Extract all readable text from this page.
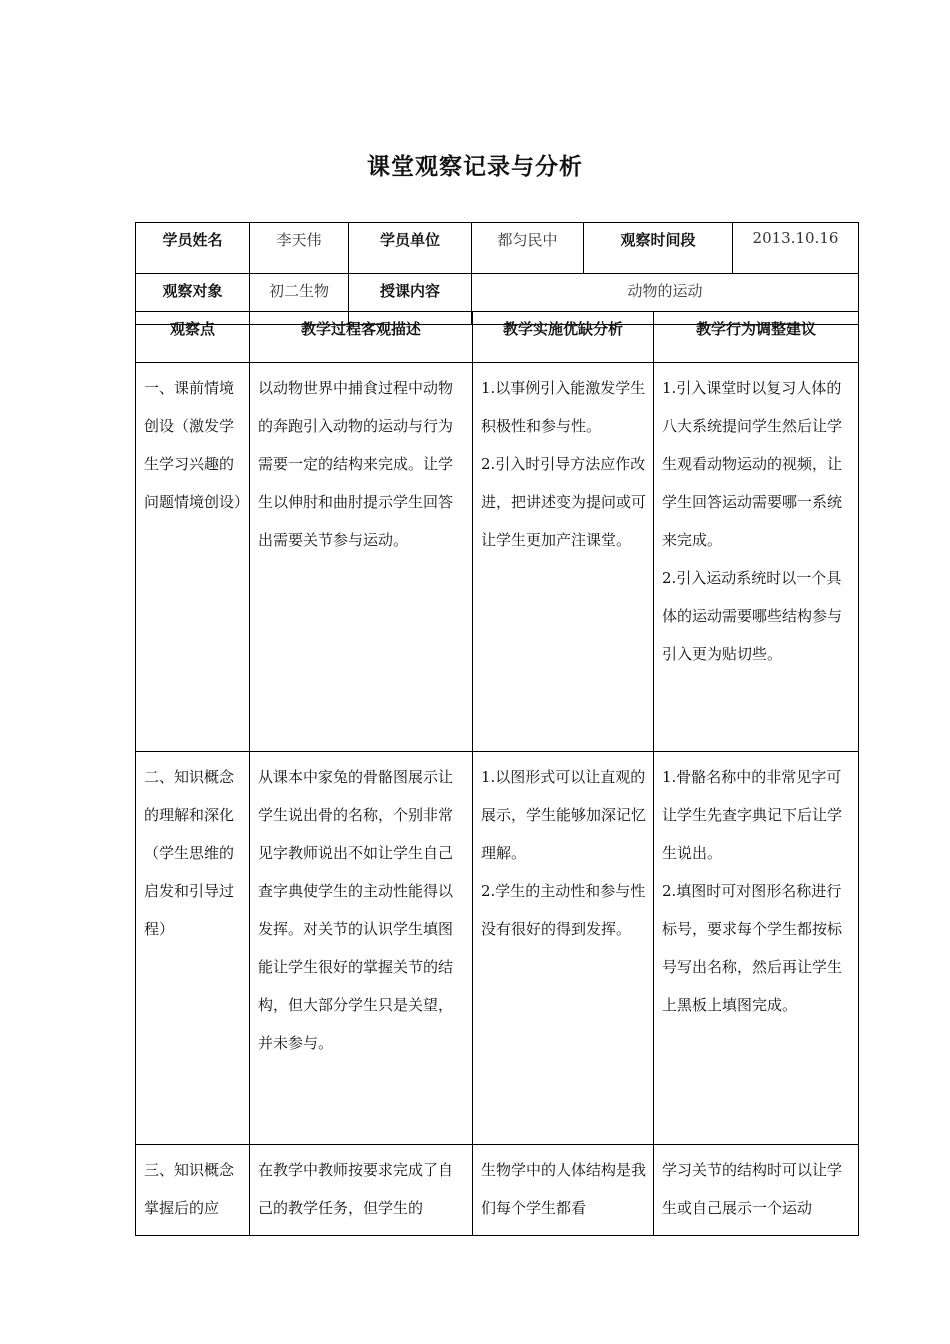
课堂观察记录与分析
学员姓名	李天伟	学员单位	都匀民中	观察时间段	2013.10.16
观察对象	初二生物	授课内容	动物的运动		
观察点	教学过程客观描述	教学实施优缺分析	教学行为调整建议

一、课前情境创设（激发学生学习兴趣的问题情境创设）	以动物世界中捕食过程中动物的奔跑引入动物的运动与行为需要一定的结构来完成。让学生以伸肘和曲肘提示学生回答出需要关节参与运动。	1.以事例引入能激发学生积极性和参与性。
2.引入时引导方法应作改进，把讲述变为提问或可让学生更加产注课堂。	1.引入课堂时以复习人体的八大系统提问学生然后让学生观看动物运动的视频，让学生回答运动需要哪一系统来完成。
2.引入运动系统时以一个具体的运动需要哪些结构参与引入更为贴切些。

二、知识概念的理解和深化（学生思维的启发和引导过程）	从课本中家兔的骨骼图展示让学生说出骨的名称，个别非常见字教师说出不如让学生自己查字典使学生的主动性能得以发挥。对关节的认识学生填图能让学生很好的掌握关节的结构，但大部分学生只是关望，并未参与。	1.以图形式可以让直观的展示，学生能够加深记忆理解。
2.学生的主动性和参与性没有很好的得到发挥。	1.骨骼名称中的非常见字可让学生先查字典记下后让学生说出。
2.填图时可对图形名称进行标号，要求每个学生都按标号写出名称，然后再让学生上黑板上填图完成。

三、知识概念掌握后的应	在教学中教师按要求完成了自己的教学任务，但学生的	生物学中的人体结构是我们每个学生都看	学习关节的结构时可以让学生或自己展示一个运动
